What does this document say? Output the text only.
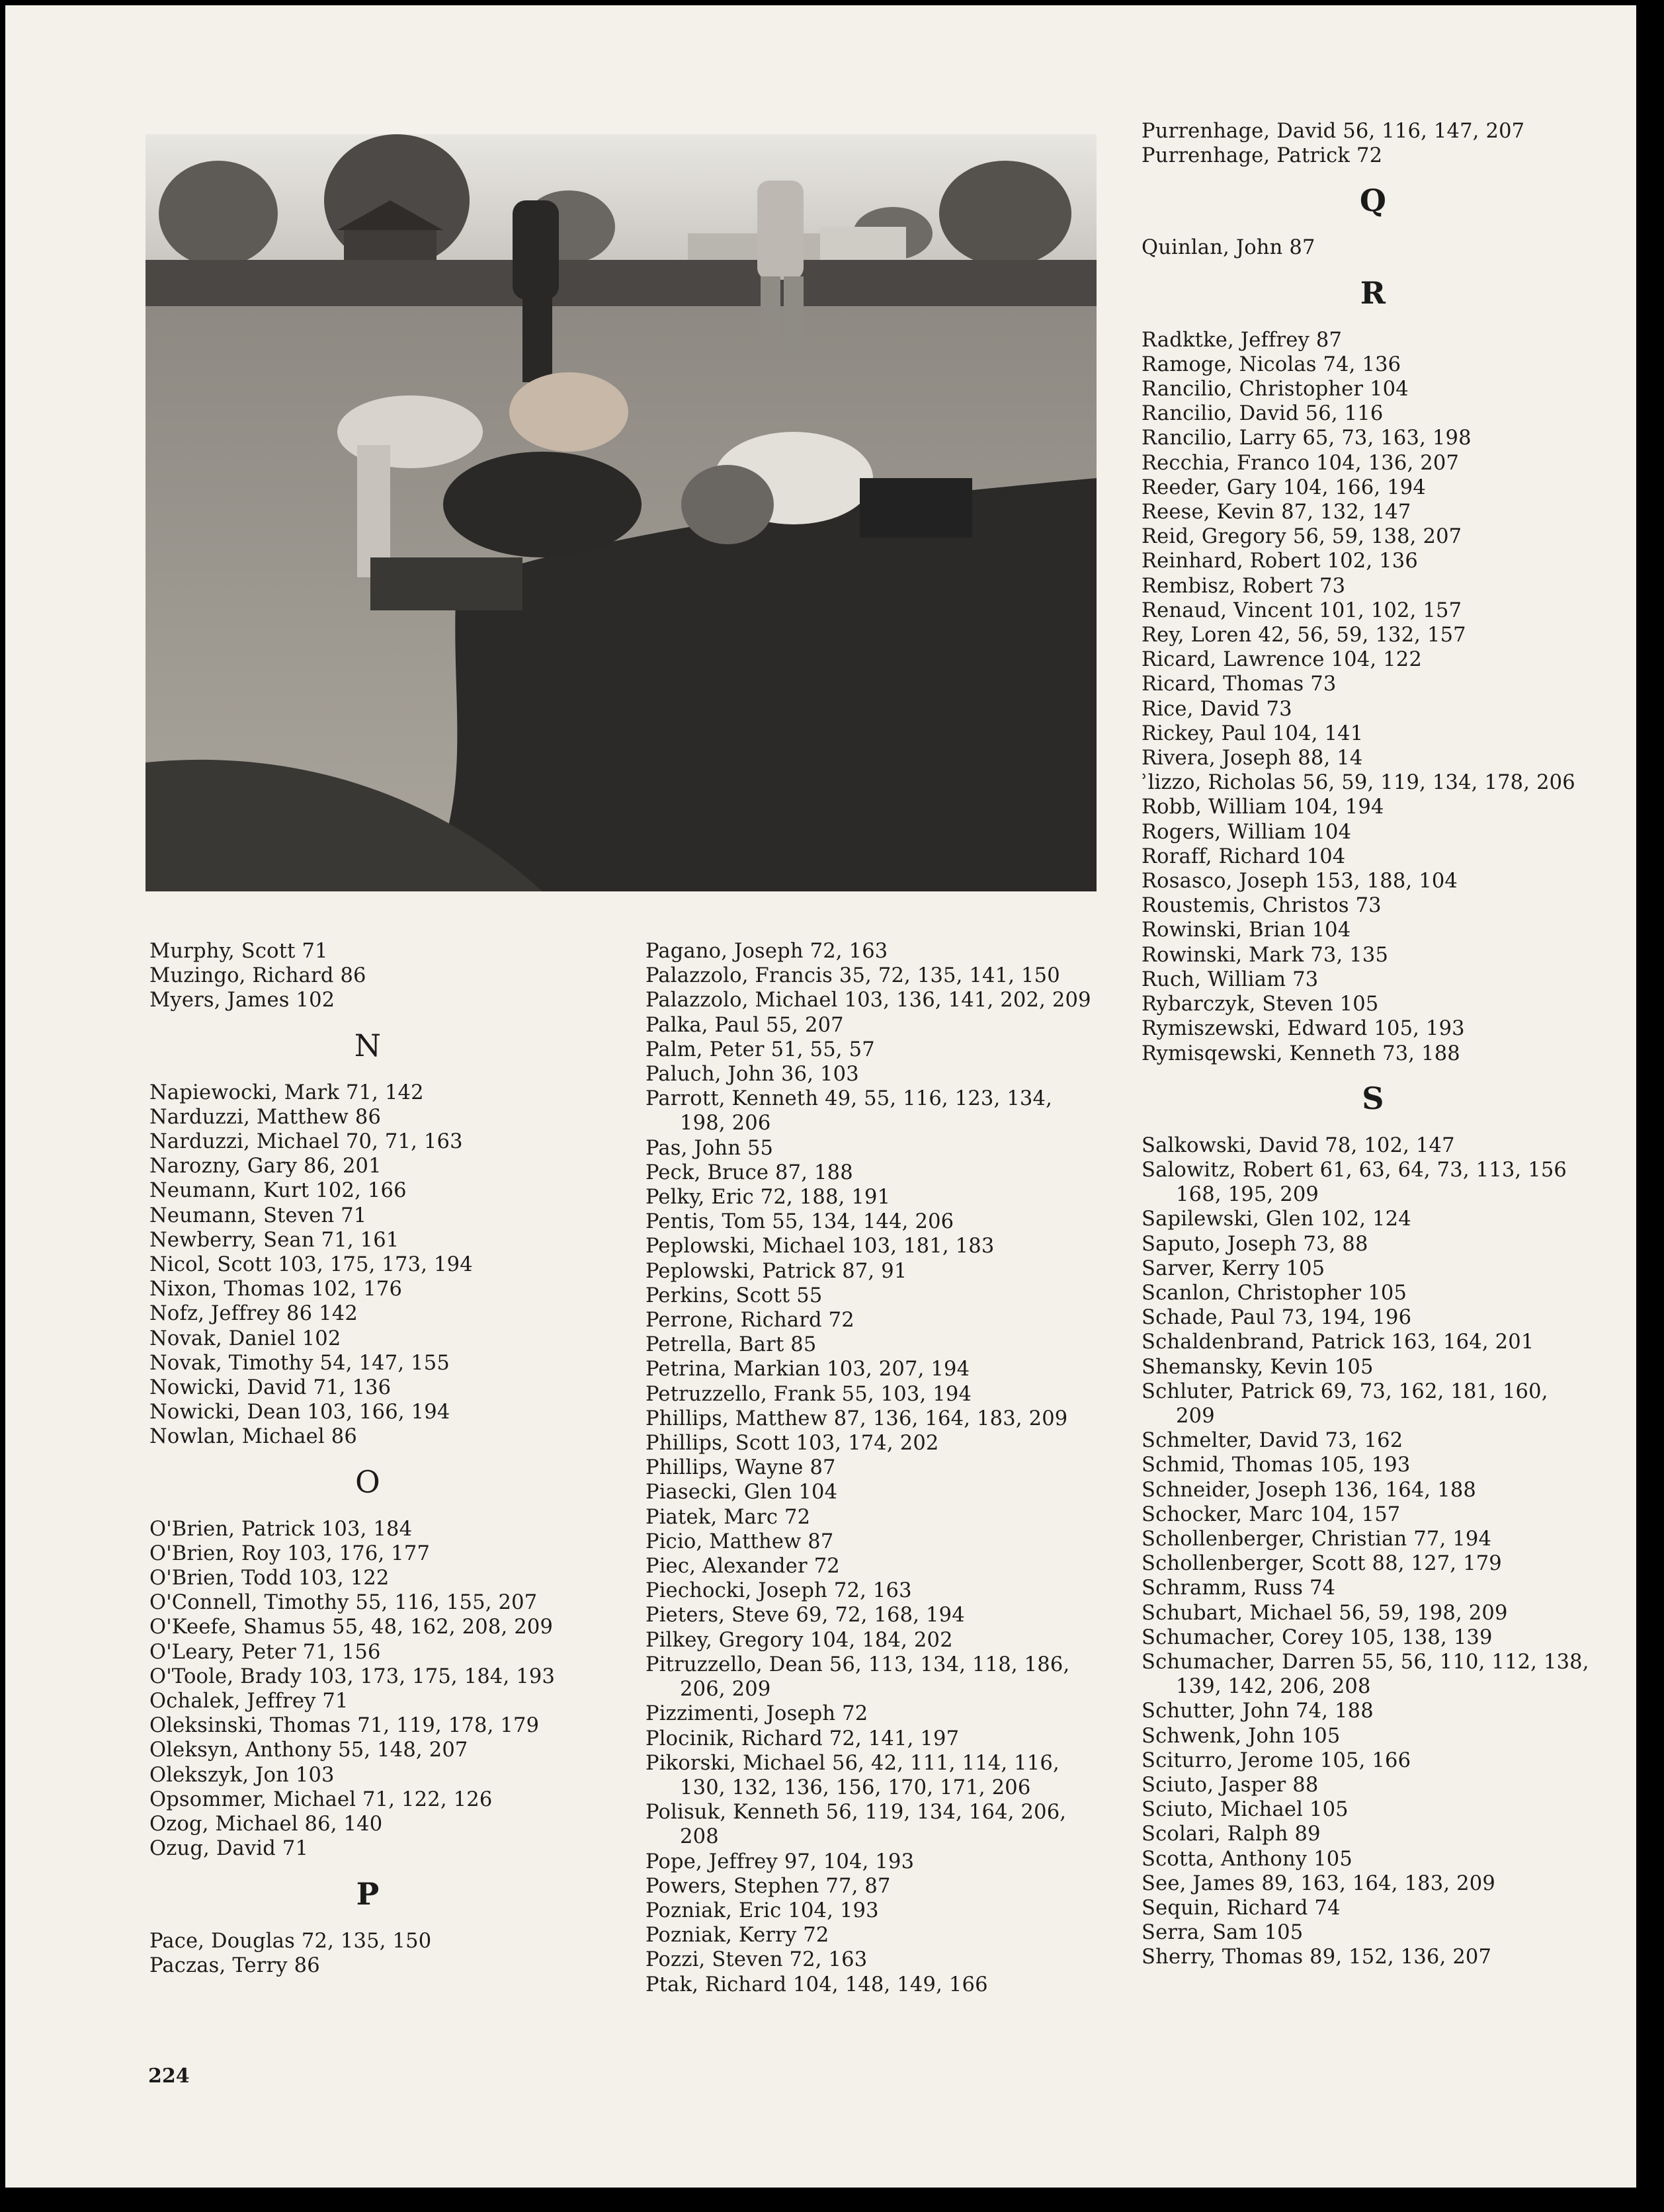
Murphy, Scott 71
Muzingo, Richard 86
Myers, James 102
N
Napiewocki, Mark 71, 142
Narduzzi, Matthew 86
Narduzzi, Michael 70, 71, 163
Narozny, Gary 86, 201
Neumann, Kurt 102, 166
Neumann, Steven 71
Newberry, Sean 71, 161
Nicol, Scott 103, 175, 173, 194
Nixon, Thomas 102, 176
Nofz, Jeffrey 86 142
Novak, Daniel 102
Novak, Timothy 54, 147, 155
Nowicki, David 71, 136
Nowicki, Dean 103, 166, 194
Nowlan, Michael 86
O
O'Brien, Patrick 103, 184
O'Brien, Roy 103, 176, 177
O'Brien, Todd 103, 122
O'Connell, Timothy 55, 116, 155, 207
O'Keefe, Shamus 55, 48, 162, 208, 209
O'Leary, Peter 71, 156
O'Toole, Brady 103, 173, 175, 184, 193
Ochalek, Jeffrey 71
Oleksinski, Thomas 71, 119, 178, 179
Oleksyn, Anthony 55, 148, 207
Olekszyk, Jon 103
Opsommer, Michael 71, 122, 126
Ozog, Michael 86, 140
Ozug, David 71
P
Pace, Douglas 72, 135, 150
Paczas, Terry 86
Pagano, Joseph 72, 163
Palazzolo, Francis 35, 72, 135, 141, 150
Palazzolo, Michael 103, 136, 141, 202, 209
Palka, Paul 55, 207
Palm, Peter 51, 55, 57
Paluch, John 36, 103
Parrott, Kenneth 49, 55, 116, 123, 134,
198, 206
Pas, John 55
Peck, Bruce 87, 188
Pelky, Eric 72, 188, 191
Pentis, Tom 55, 134, 144, 206
Peplowski, Michael 103, 181, 183
Peplowski, Patrick 87, 91
Perkins, Scott 55
Perrone, Richard 72
Petrella, Bart 85
Petrina, Markian 103, 207, 194
Petruzzello, Frank 55, 103, 194
Phillips, Matthew 87, 136, 164, 183, 209
Phillips, Scott 103, 174, 202
Phillips, Wayne 87
Piasecki, Glen 104
Piatek, Marc 72
Picio, Matthew 87
Piec, Alexander 72
Piechocki, Joseph 72, 163
Pieters, Steve 69, 72, 168, 194
Pilkey, Gregory 104, 184, 202
Pitruzzello, Dean 56, 113, 134, 118, 186,
206, 209
Pizzimenti, Joseph 72
Plocinik, Richard 72, 141, 197
Pikorski, Michael 56, 42, 111, 114, 116,
130, 132, 136, 156, 170, 171, 206
Polisuk, Kenneth 56, 119, 134, 164, 206,
208
Pope, Jeffrey 97, 104, 193
Powers, Stephen 77, 87
Pozniak, Eric 104, 193
Pozniak, Kerry 72
Pozzi, Steven 72, 163
Ptak, Richard 104, 148, 149, 166
Purrenhage, David 56, 116, 147, 207
Purrenhage, Patrick 72
Q
Quinlan, John 87
R
Radktke, Jeffrey 87
Ramoge, Nicolas 74, 136
Rancilio, Christopher 104
Rancilio, David 56, 116
Rancilio, Larry 65, 73, 163, 198
Recchia, Franco 104, 136, 207
Reeder, Gary 104, 166, 194
Reese, Kevin 87, 132, 147
Reid, Gregory 56, 59, 138, 207
Reinhard, Robert 102, 136
Rembisz, Robert 73
Renaud, Vincent 101, 102, 157
Rey, Loren 42, 56, 59, 132, 157
Ricard, Lawrence 104, 122
Ricard, Thomas 73
Rice, David 73
Rickey, Paul 104, 141
Rivera, Joseph 88, 14
ʾlizzo, Richolas 56, 59, 119, 134, 178, 206
Robb, William 104, 194
Rogers, William 104
Roraff, Richard 104
Rosasco, Joseph 153, 188, 104
Roustemis, Christos 73
Rowinski, Brian 104
Rowinski, Mark 73, 135
Ruch, William 73
Rybarczyk, Steven 105
Rymiszewski, Edward 105, 193
Rymisqewski, Kenneth 73, 188
S
Salkowski, David 78, 102, 147
Salowitz, Robert 61, 63, 64, 73, 113, 156
168, 195, 209
Sapilewski, Glen 102, 124
Saputo, Joseph 73, 88
Sarver, Kerry 105
Scanlon, Christopher 105
Schade, Paul 73, 194, 196
Schaldenbrand, Patrick 163, 164, 201
Shemansky, Kevin 105
Schluter, Patrick 69, 73, 162, 181, 160,
209
Schmelter, David 73, 162
Schmid, Thomas 105, 193
Schneider, Joseph 136, 164, 188
Schocker, Marc 104, 157
Schollenberger, Christian 77, 194
Schollenberger, Scott 88, 127, 179
Schramm, Russ 74
Schubart, Michael 56, 59, 198, 209
Schumacher, Corey 105, 138, 139
Schumacher, Darren 55, 56, 110, 112, 138,
139, 142, 206, 208
Schutter, John 74, 188
Schwenk, John 105
Sciturro, Jerome 105, 166
Sciuto, Jasper 88
Sciuto, Michael 105
Scolari, Ralph 89
Scotta, Anthony 105
See, James 89, 163, 164, 183, 209
Sequin, Richard 74
Serra, Sam 105
Sherry, Thomas 89, 152, 136, 207
224
